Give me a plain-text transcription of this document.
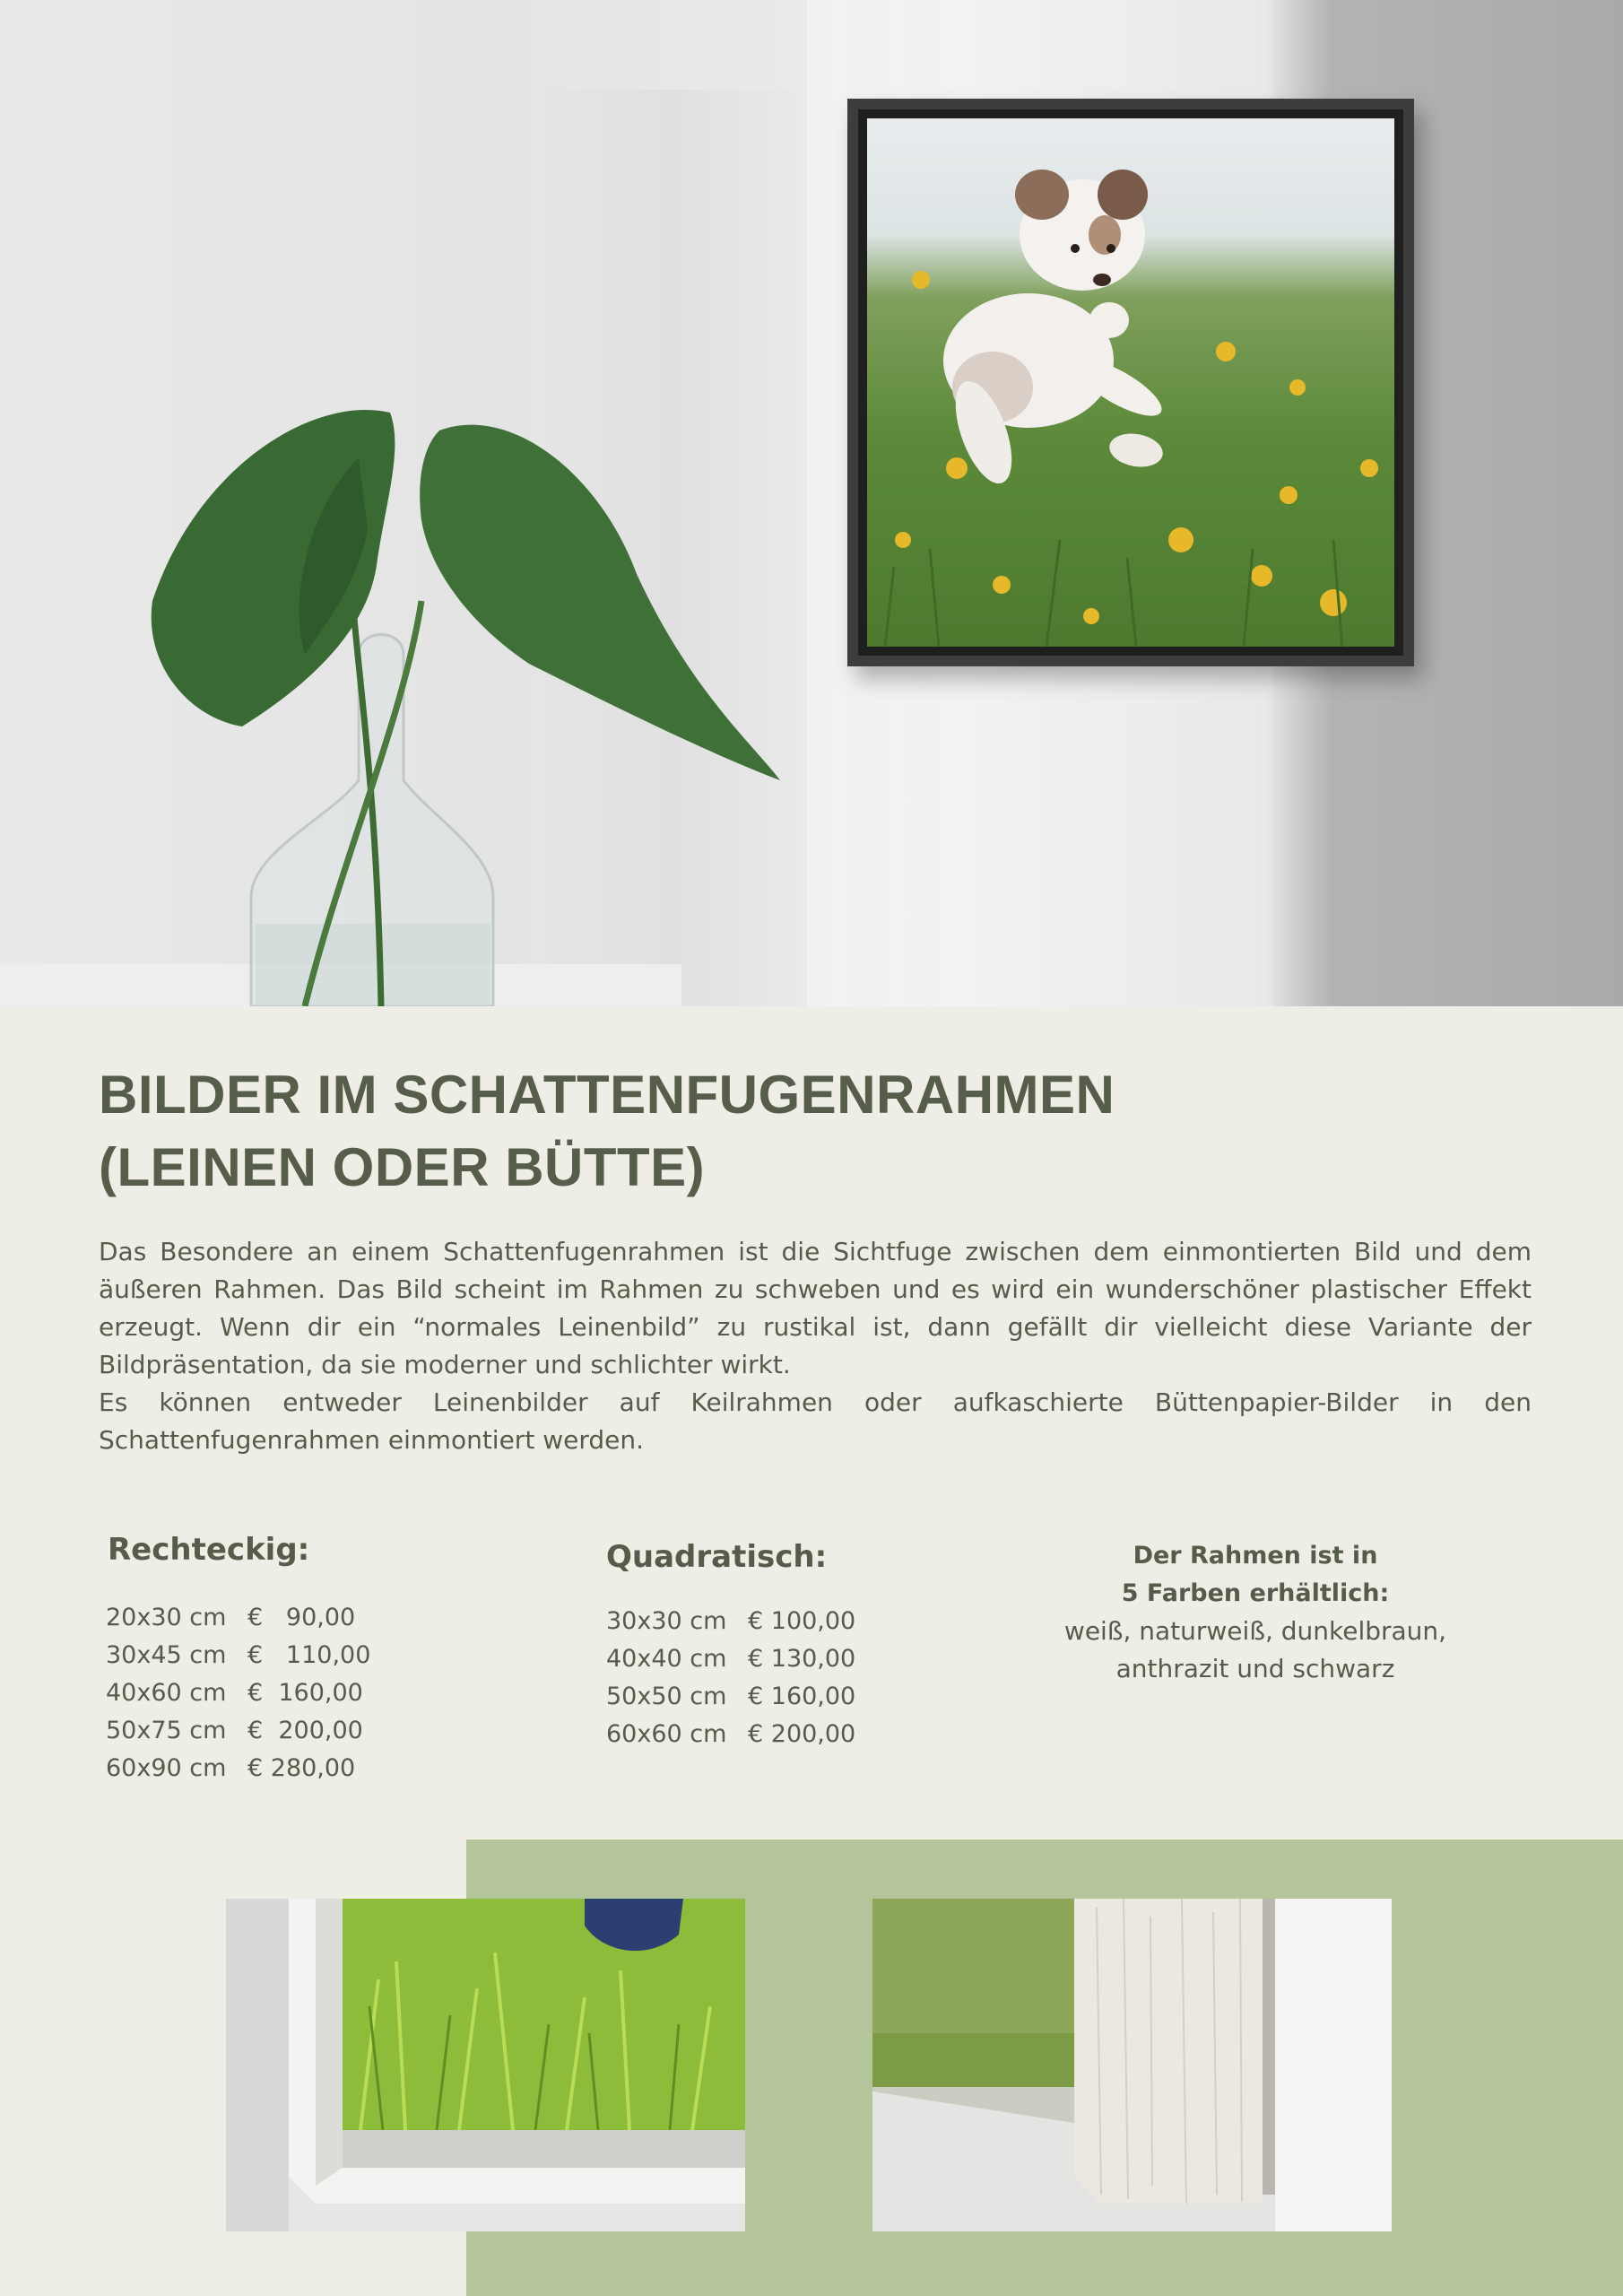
BILDER IM SCHATTENFUGENRAHMEN
(LEINEN ODER BÜTTE)

Das Besondere an einem Schattenfugenrahmen ist die Sichtfuge zwischen dem einmontierten Bild und dem äußeren Rahmen. Das Bild scheint im Rahmen zu schweben und es wird ein wunderschöner plastischer Effekt erzeugt. Wenn dir ein “normales Leinenbild” zu rustikal ist, dann gefällt dir vielleicht diese Variante der Bildpräsentation, da sie moderner und schlichter wirkt.

Es können entweder Leinenbilder auf Keilrahmen oder aufkaschierte Büttenpapier-Bilder in den Schattenfugenrahmen einmontiert werden.

Rechteckig:
20x30 cm €   90,00
30x45 cm €   110,00
40x60 cm €  160,00
50x75 cm €  200,00
60x90 cm € 280,00
Quadratisch:
30x30 cm € 100,00
40x40 cm € 130,00
50x50 cm € 160,00
60x60 cm € 200,00
Der Rahmen ist in
5 Farben erhältlich:
weiß, naturweiß, dunkelbraun,
anthrazit und schwarz
